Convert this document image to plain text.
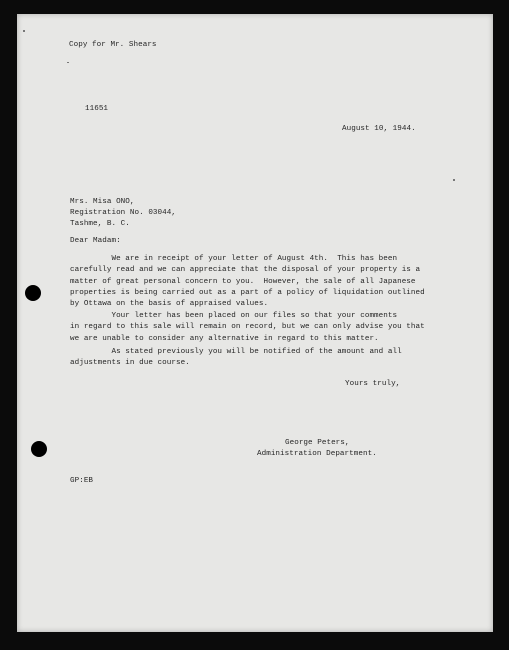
Copy for Mr. Shears

11651

August 10, 1944.

Mrs. Misa ONO,

Registration No. 03044,

Tashme, B. C.

Dear Madam:

We are in receipt of your letter of August 4th.  This has been

carefully read and we can appreciate that the disposal of your property is a

matter of great personal concern to you.  However, the sale of all Japanese

properties is being carried out as a part of a policy of liquidation outlined

by Ottawa on the basis of appraised values.

Your letter has been placed on our files so that your comments

in regard to this sale will remain on record, but we can only advise you that

we are unable to consider any alternative in regard to this matter.

As stated previously you will be notified of the amount and all

adjustments in due course.

Yours truly,

George Peters,

Administration Department.

GP:EB
